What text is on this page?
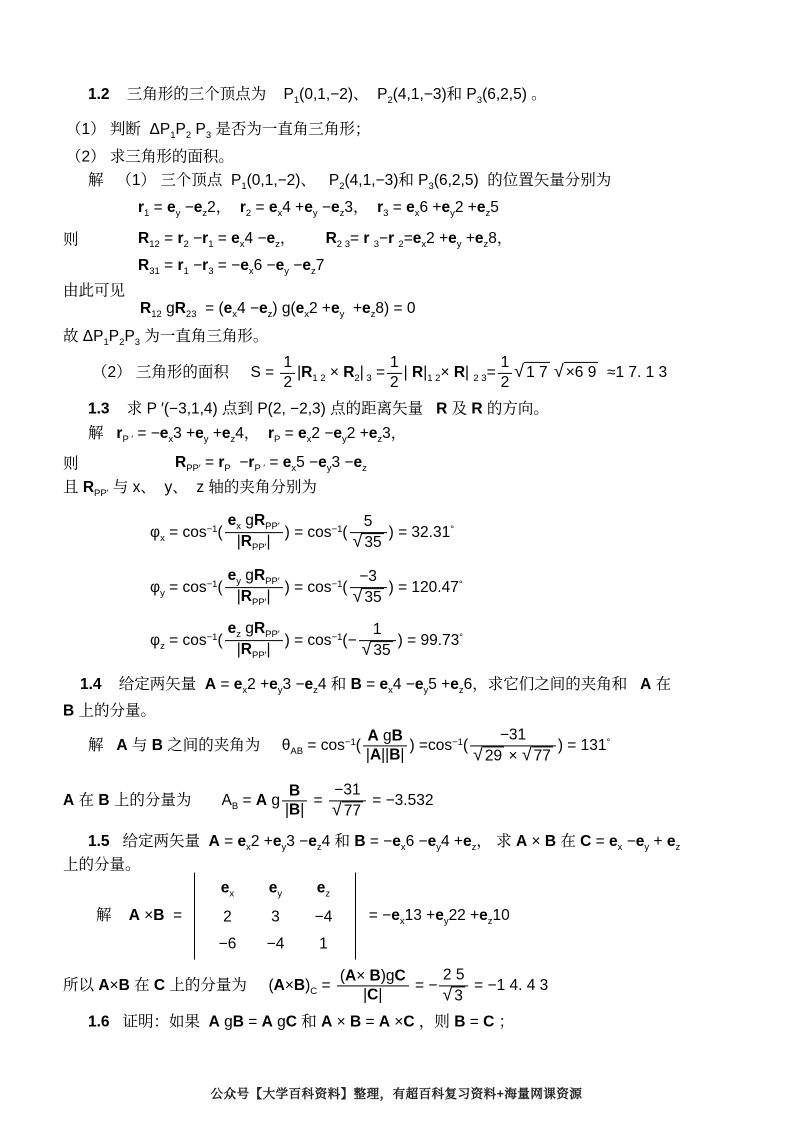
1.2    三角形的三个顶点为    $P_1(0,1,-2)$、  $P_2(4,1,-3)$和 $P_3(6,2,5)$ 。
（1） 判断  $\Delta P_1P_2$ $P_3$ 是否为一直角三角形；
（2） 求三角形的面积。
解   （1） 三个顶点  $P_1(0,1,-2)$、   $P_2(4,1,-3)$和 $P_3(6,2,5)$  的位置矢量分别为
$r_1 = e_y -e_z2$，  $r_2 = e_x4 +e_y -e_z3$，  $r_3 = e_x6 +e_y2 +e_z5$
则	$R_{12} = r_2 -r_1 = e_x4 -e_z$，       $R_{2 3}= r$ $_3$−r $_2=e_x2 +e_y +e_z8$，
$R_{31} = r_1 -r_3 = -e_x6 -e_y -e_z7$
由此可见
$R_{12}$ $gR_{23} = (e_x4 -e_z)$ $g(e_x2 +e_y +e_z8) = 0$
故 $\Delta P_1P_2P_3$ 为一直角三角形。
（2） 三角形的面积     $S = \frac{1}{2} |R_{1 2} \times R_2|$ $_3 = \frac{1}{2}$ | $R|_{1 2}\times R|$ $_{2 3}= \frac{1}{2}$ √ 1 7 √ ×6 9  ≈1 7. 1 3
1.3    求 P ′(−3,1,4) 点到 P(2, −2,3) 点的距离矢量   R 及 R 的方向。
解   $r_{P '} = -e_x3 +e_y +e_z4$，  $r_P = e_x2 -e_y2 +e_z3$，
则	$R_{PP'} = r_P -r_{P '} = e_x5 -e_y3 -e_z$
且 $R_{PP'}$ 与 x、  y、  z 轴的夹角分别为
$\varphi_x = \cos^{-1}( \frac{e_x gR_{PP'}}{|R_{PP'}|}$ ) = $\cos^{-1}( \frac{5}{√ 35}$ ) = 32.31°
$\varphi_y = \cos^{-1}( \frac{e_y gR_{PP'}}{|R_{PP'}|}$ ) = $\cos^{-1}( \frac{-3}{√ 35}$ ) = 120.47°
$\varphi_z = \cos^{-1}( \frac{e_z gR_{PP'}}{|R_{PP'}|}$ ) = $\cos^{-1}(- \frac{1}{√ 35}$ ) = 99.73°
1.4    给定两矢量  $A = e_x2 +e_y3 -e_z4$ 和 $B = e_x4 -e_y5 +e_z6$，求它们之间的夹角和   A 在
B 上的分量。
解   A 与 B 之间的夹角为     $\theta_{AB} = \cos^{-1}( \frac{\text{A gB}}{|A||B|}$ ) $=\cos^{-1}( \frac{-31}{√ 29 \times √ 77}$ ) = 131°
A 在 B 上的分量为       $A_B = A$ g $\frac{B}{|B|} = \frac{-31}{√ 77} = -3.532$
1.5   给定两矢量  $A = e_x2 +e_y3 -e_z4$ 和 $B = -e_x6 -e_y4 +e_z$， 求 A × B 在 $C = e_x -e_y + e_z$
上的分量。
解    A ×B  =
$e_x$ $e_y$ $e_z$
2	3 −4
−6 −4 1
= $-e_x13 +e_y22 +e_z10$
所以 A×B 在 C 上的分量为     $(A\times B)_C = \frac{(A\times B)gC}{|C|}$ = − $\frac{2 5}{√ 3} = -1$ 4. 4 3
1.6   证明：如果  A gB = A gC 和 A × B = A ×C ，则 B = C ；
公众号【大学百科资料】整理，有超百科复习资料+海量网课资源
